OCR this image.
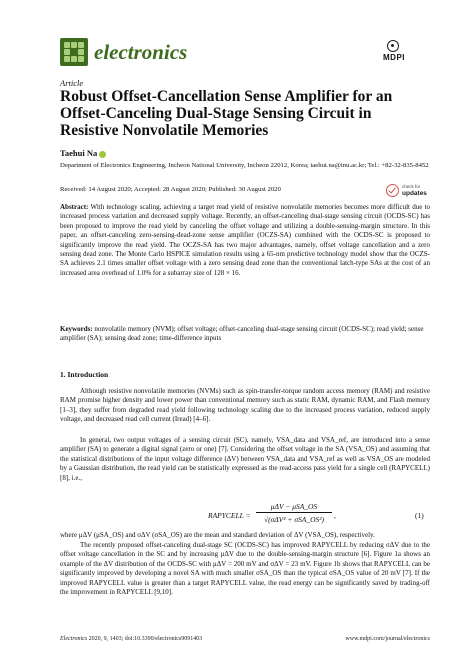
electronics	MDPI
Article
Robust Offset-Cancellation Sense Amplifier for an Offset-Canceling Dual-Stage Sensing Circuit in Resistive Nonvolatile Memories
Taehui Na
Department of Electronics Engineering, Incheon National University, Incheon 22012, Korea; taehui.na@inu.ac.kr; Tel.: +82-32-835-8452
Received: 14 August 2020; Accepted: 28 August 2020; Published: 30 August 2020	check for
updates
Abstract: With technology scaling, achieving a target read yield of resistive nonvolatile memories becomes more difficult due to increased process variation and decreased supply voltage. Recently, an offset-canceling dual-stage sensing circuit (OCDS-SC) has been proposed to improve the read yield by canceling the offset voltage and utilizing a double-sensing-margin structure. In this paper, an offset-canceling zero-sensing-dead-zone sense amplifier (OCZS-SA) combined with the OCDS-SC is proposed to significantly improve the read yield. The OCZS-SA has two major advantages, namely, offset voltage cancellation and a zero sensing dead zone. The Monte Carlo HSPICE simulation results using a 65-nm predictive technology model show that the OCZS-SA achieves 2.1 times smaller offset voltage with a zero sensing dead zone than the conventional latch-type SAs at the cost of an increased area overhead of 1.0% for a subarray size of 128 × 16.
Keywords: nonvolatile memory (NVM); offset voltage; offset-canceling dual-stage sensing circuit (OCDS-SC); read yield; sense amplifier (SA); sensing dead zone; time-difference inputs
1. Introduction
Although resistive nonvolatile memories (NVMs) such as spin-transfer-torque random access memory (RAM) and resistive RAM promise higher density and lower power than conventional memory such as static RAM, dynamic RAM, and Flash memory [1–3], they suffer from degraded read yield following technology scaling due to the increased process variation, reduced supply voltage, and decreased read cell current (Iread) [4–6].
In general, two output voltages of a sensing circuit (SC), namely, VSA_data and VSA_ref, are introduced into a sense amplifier (SA) to generate a digital signal (zero or one) [7]. Considering the offset voltage in the SA (VSA_OS) and assuming that the statistical distributions of the input voltage difference (ΔV) between VSA_data and VSA_ref as well as VSA_OS are modeled by a Gaussian distribution, the read yield can be statistically expressed as the read-access pass yield for a single cell (RAPYCELL) [8], i.e.,
RAPYCELL =
μΔV − μSA_OS
√(σΔV² + σSA_OS²)	,	(1)
where μΔV (μSA_OS) and σΔV (σSA_OS) are the mean and standard deviation of ΔV (VSA_OS), respectively.
The recently proposed offset-canceling dual-stage SC (OCDS-SC) has improved RAPYCELL by reducing σΔV due to the offset voltage cancellation in the SC and by increasing μΔV due to the double-sensing-margin structure [6]. Figure 1a shows an example of the ΔV distribution of the OCDS-SC with μΔV = 200 mV and σΔV = 23 mV. Figure 1b shows that RAPYCELL can be significantly improved by developing a novel SA with much smaller σSA_OS than the typical σSA_OS value of 20 mV [7]. If the improved RAPYCELL value is greater than a target RAPYCELL value, the read energy can be significantly saved by trading-off the improvement in RAPYCELL [9,10].
Electronics 2020, 9, 1403; doi:10.3390/electronics9091403	www.mdpi.com/journal/electronics
